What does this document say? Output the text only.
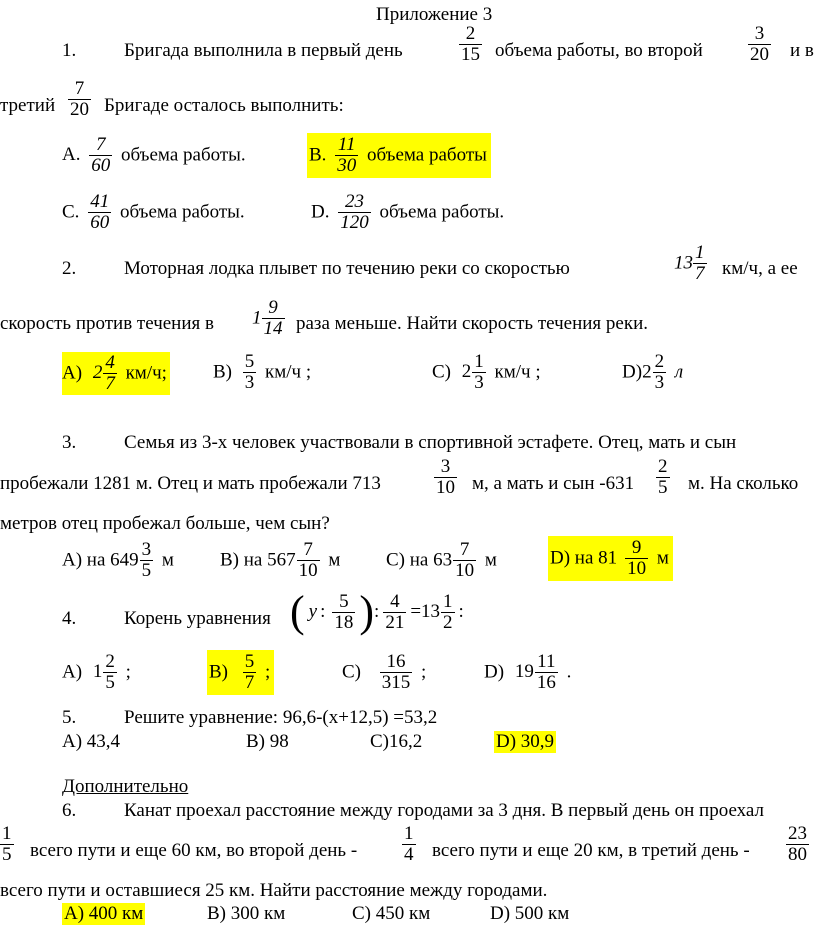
Приложение 3
1.	Бригада выполнила в первый день	$\frac{2}{15}$ объема работы, во второй $\frac{3}{20}$ и в
третий $\frac{7}{20}$ Бригаде осталось выполнить:
A. $\frac{7}{60}$ объема работы.	B. $\frac{11}{30}$ объема работы
C. $\frac{41}{60}$ объема работы.	D. $\frac{23}{120}$ объема работы.
2.	Моторная лодка плывет по течению реки со скоростью	$13 \frac{1}{7} км/ч$, а ее
скорость против течения в $1 \frac{9}{14}$ раза меньше. Найти скорость течения реки.
A) $2 \frac{4}{7} км/ч$; $B) \frac{5}{3} км/ч$ ;	C) $2 \frac{1}{3} км/ч$ ;	$D)2 \frac{2}{3}$ л
3.	Семья из 3-х человек участвовали в спортивной эстафете. Отец, мать и сын
пробежали 1281 м. Отец и мать пробежали 713	$\frac{3}{10} м$, а мать и сын $-631 \frac{2}{5} м$. На сколько
метров отец пробежал больше, чем сын?
A) на $649 \frac{3}{5}$ м B) на $567 \frac{7}{10}$ м C) на $63 \frac{7}{10}$ м	D) на $81 \frac{9}{10}$ м
4.	Корень уравнения ( y : $\frac{5}{18}$ ): $\frac{4}{21} =13 \frac{1}{2}$ :
A) $1 \frac{2}{5}$ ;	$B) \frac{5}{7}$ ;	$C) \frac{16}{315}$ ;	D) $19 \frac{11}{16}$ .
5.	Решите уравнение: 96,6-(x+12,5) =53,2
A) 43,4	B) 98	C)16,2	D) 30,9
Дополнительно
6.	Канат проехал расстояние между городами за 3 дня. В первый день он проехал
$\frac{1}{5}$ всего пути и еще 60 км, во второй день - $\frac{1}{4}$ всего пути и еще 20 км, в третий день - $\frac{23}{80}$
всего пути и оставшиеся 25 км. Найти расстояние между городами.
A) 400 км	B) 300 км	C) 450 км	D) 500 км
